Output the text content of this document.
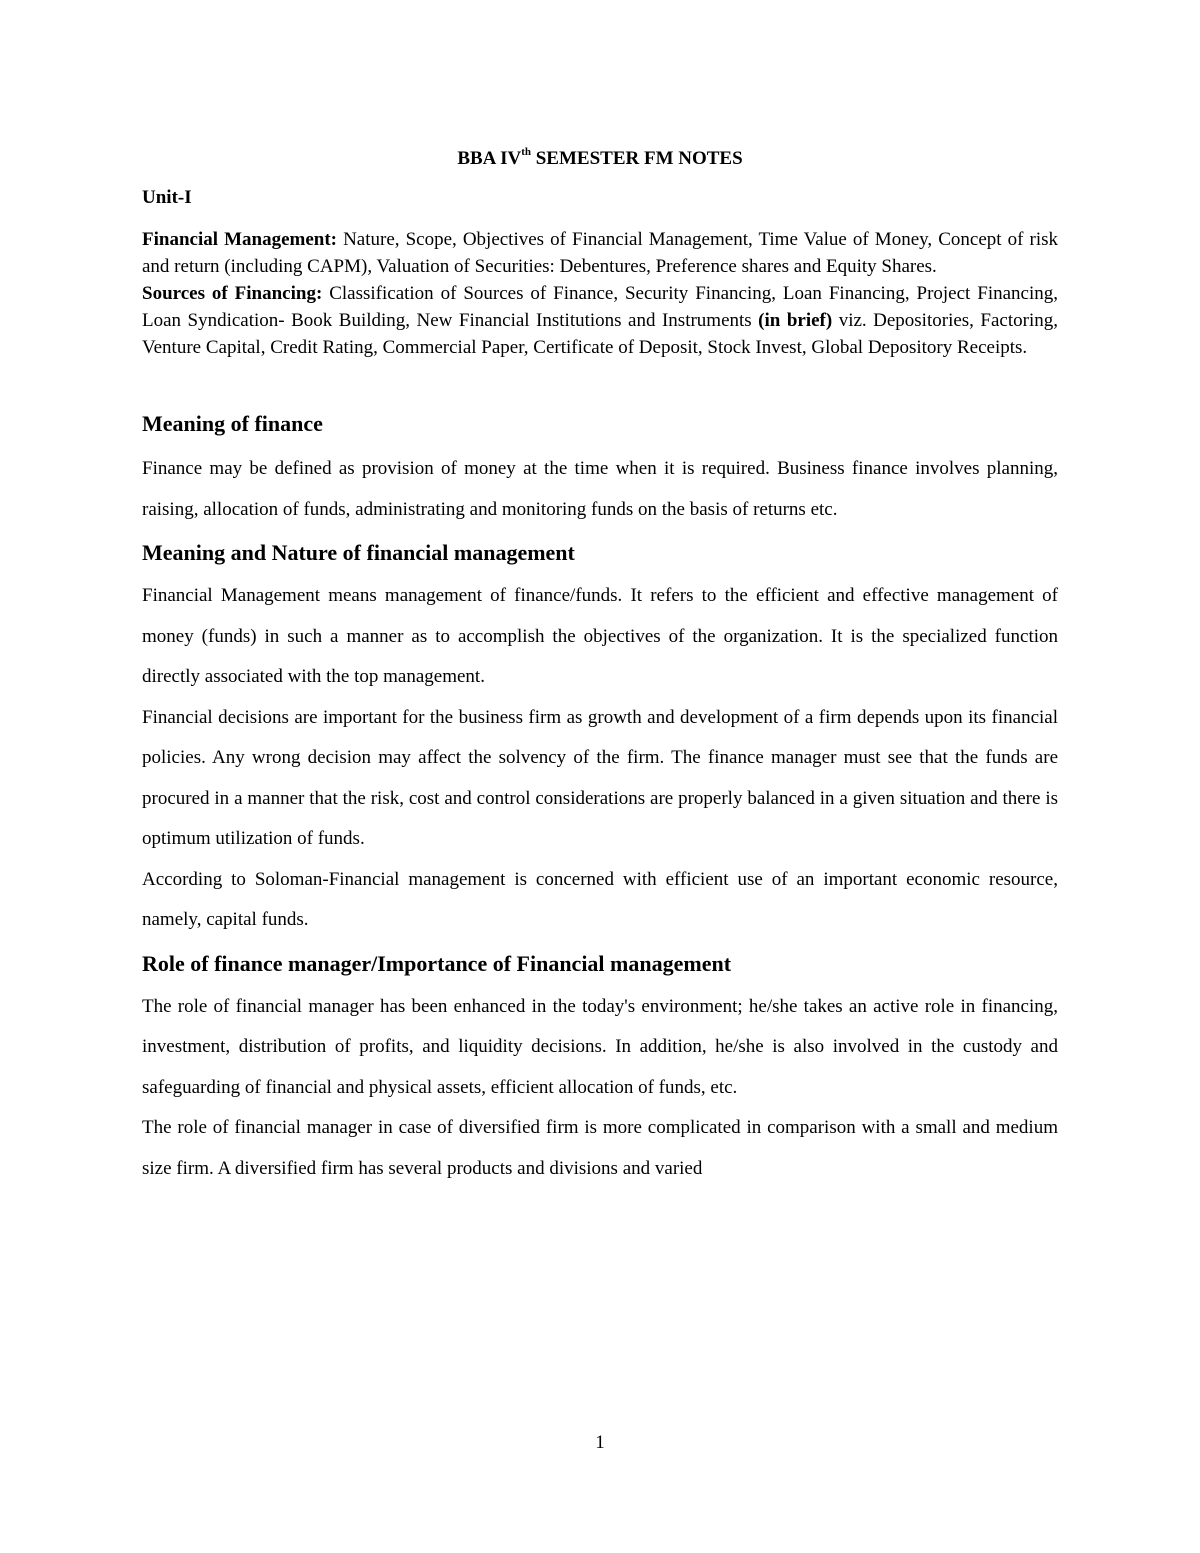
BBA IVth SEMESTER FM NOTES
Unit-I

Financial Management: Nature, Scope, Objectives of Financial Management, Time Value of Money, Concept of risk and return (including CAPM), Valuation of Securities: Debentures, Preference shares and Equity Shares.

Sources of Financing: Classification of Sources of Finance, Security Financing, Loan Financing, Project Financing, Loan Syndication- Book Building, New Financial Institutions and Instruments (in brief) viz. Depositories, Factoring, Venture Capital, Credit Rating, Commercial Paper, Certificate of Deposit, Stock Invest, Global Depository Receipts.

Meaning of finance

Finance may be defined as provision of money at the time when it is required. Business finance involves planning, raising, allocation of funds, administrating and monitoring funds on the basis of returns etc.

Meaning and Nature of financial management

Financial Management means management of finance/funds. It refers to the efficient and effective management of money (funds) in such a manner as to accomplish the objectives of the organization. It is the specialized function directly associated with the top management.

Financial decisions are important for the business firm as growth and development of a firm depends upon its financial policies. Any wrong decision may affect the solvency of the firm. The finance manager must see that the funds are procured in a manner that the risk, cost and control considerations are properly balanced in a given situation and there is optimum utilization of funds.

According to Soloman-Financial management is concerned with efficient use of an important economic resource, namely, capital funds.

Role of finance manager/Importance of Financial management

The role of financial manager has been enhanced in the today's environment; he/she takes an active role in financing, investment, distribution of profits, and liquidity decisions. In addition, he/she is also involved in the custody and safeguarding of financial and physical assets, efficient allocation of funds, etc.

The role of financial manager in case of diversified firm is more complicated in comparison with a small and medium size firm. A diversified firm has several products and divisions and varied

1
